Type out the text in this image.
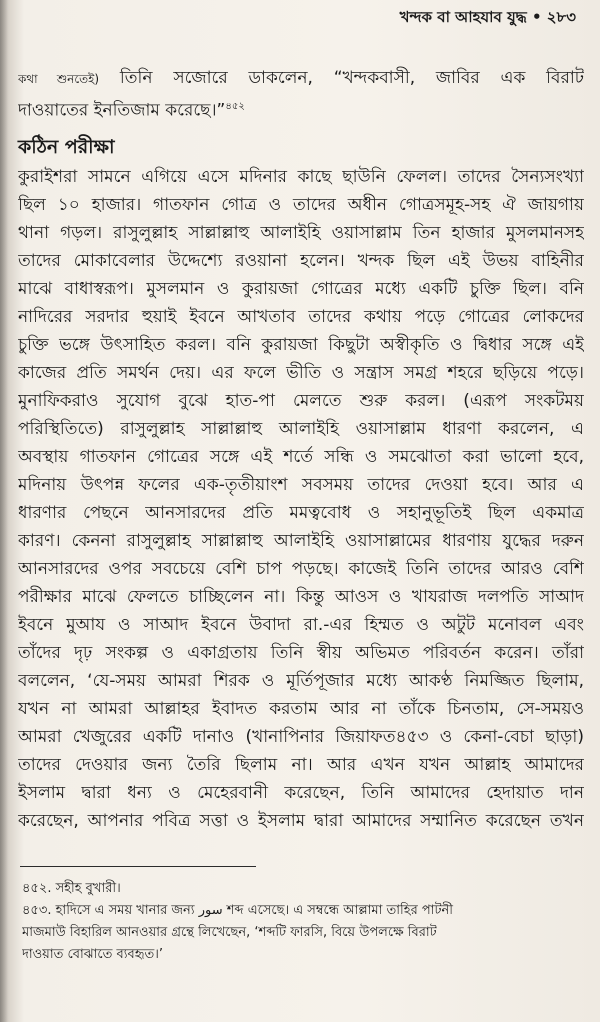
খন্দক বা আহযাব যুদ্ধ • ২৮৩
কথা শুনতেই) তিনি সজোরে ডাকলেন, “খন্দকবাসী, জাবির এক বিরাট
দাওয়াতের ইনতিজাম করেছে।”$^{৪৫২}$
কঠিন পরীক্ষা
কুরাইশরা সামনে এগিয়ে এসে মদিনার কাছে ছাউনি ফেলল। তাদের সৈন্যসংখ্যা
ছিল ১০ হাজার। গাতফান গোত্র ও তাদের অধীন গোত্রসমূহ-সহ ঐ জায়গায়
থানা গড়ল। রাসুলুল্লাহ সাল্লাল্লাহু আলাইহি ওয়াসাল্লাম তিন হাজার মুসলমানসহ
তাদের মোকাবেলার উদ্দেশ্যে রওয়ানা হলেন। খন্দক ছিল এই উভয় বাহিনীর
মাঝে বাধাস্বরূপ। মুসলমান ও কুরায়জা গোত্রের মধ্যে একটি চুক্তি ছিল। বনি
নাদিরের সরদার হুয়াই ইবনে আখতাব তাদের কথায় পড়ে গোত্রের লোকদের
চুক্তি ভঙ্গে উৎসাহিত করল। বনি কুরায়জা কিছুটা অস্বীকৃতি ও দ্বিধার সঙ্গে এই
কাজের প্রতি সমর্থন দেয়। এর ফলে ভীতি ও সন্ত্রাস সমগ্র শহরে ছড়িয়ে পড়ে।
মুনাফিকরাও সুযোগ বুঝে হাত-পা মেলতে শুরু করল। (এরূপ সংকটময়
পরিস্থিতিতে) রাসুলুল্লাহ সাল্লাল্লাহু আলাইহি ওয়াসাল্লাম ধারণা করলেন, এ
অবস্থায় গাতফান গোত্রের সঙ্গে এই শর্তে সন্ধি ও সমঝোতা করা ভালো হবে,
মদিনায় উৎপন্ন ফলের এক-তৃতীয়াংশ সবসময় তাদের দেওয়া হবে। আর এ
ধারণার পেছনে আনসারদের প্রতি মমত্ববোধ ও সহানুভূতিই ছিল একমাত্র
কারণ। কেননা রাসুলুল্লাহ সাল্লাল্লাহু আলাইহি ওয়াসাল্লামের ধারণায় যুদ্ধের দরুন
আনসারদের ওপর সবচেয়ে বেশি চাপ পড়ছে। কাজেই তিনি তাদের আরও বেশি
পরীক্ষার মাঝে ফেলতে চাচ্ছিলেন না। কিন্তু আওস ও খাযরাজ দলপতি সাআদ
ইবনে মুআয ও সাআদ ইবনে উবাদা রা.-এর হিম্মত ও অটুট মনোবল এবং
তাঁদের দৃঢ় সংকল্প ও একাগ্রতায় তিনি স্বীয় অভিমত পরিবর্তন করেন। তাঁরা
বললেন, ‘যে-সময় আমরা শিরক ও মূর্তিপূজার মধ্যে আকণ্ঠ নিমজ্জিত ছিলাম,
যখন না আমরা আল্লাহর ইবাদত করতাম আর না তাঁকে চিনতাম, সে-সময়ও
আমরা খেজুরের একটি দানাও (খানাপিনার জিয়াফত৪৫৩ ও কেনা-বেচা ছাড়া)
তাদের দেওয়ার জন্য তৈরি ছিলাম না। আর এখন যখন আল্লাহ আমাদের
ইসলাম দ্বারা ধন্য ও মেহেরবানী করেছেন, তিনি আমাদের হেদায়াত দান
করেছেন, আপনার পবিত্র সত্তা ও ইসলাম দ্বারা আমাদের সম্মানিত করেছেন তখন
৪৫২. সহীহ বুখারী।
৪৫৩. হাদিসে এ সময় খানার জন্য سور শব্দ এসেছে। এ সম্বন্ধে আল্লামা তাহির পাটনী
মাজমাউ বিহারিল আনওয়ার গ্রন্থে লিখেছেন, ‘শব্দটি ফারসি, বিয়ে উপলক্ষে বিরাট
দাওয়াত বোঝাতে ব্যবহৃত।’
